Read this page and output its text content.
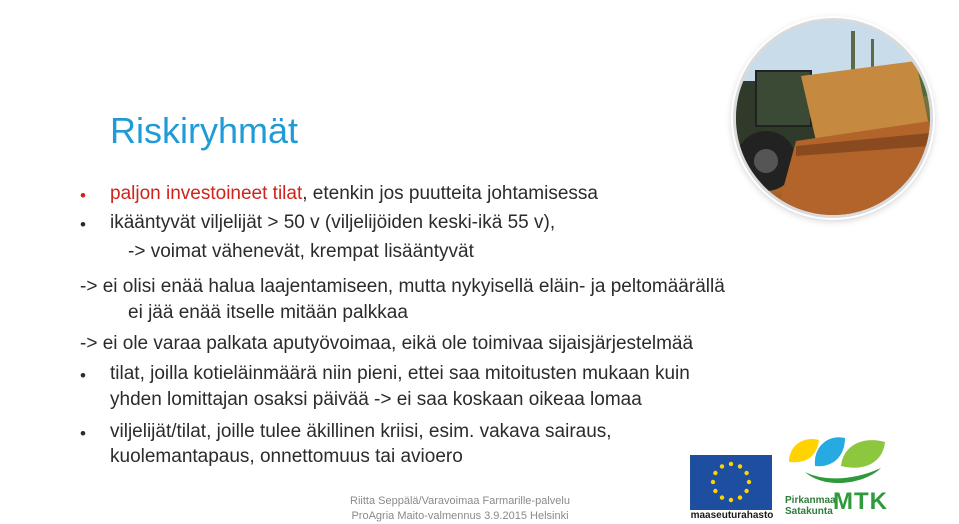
Riskiryhmät
• paljon investoineet tilat, etenkin jos puutteita johtamisessa
• ikääntyvät viljelijät > 50 v (viljelijöiden keski-ikä 55 v),
-> voimat vähenevät, krempat lisääntyvät
-> ei olisi enää halua laajentamiseen, mutta nykyisellä eläin- ja peltomäärällä
ei jää enää itselle mitään palkkaa
-> ei ole varaa palkata aputyövoimaa, eikä ole toimivaa sijaisjärjestelmää
• tilat, joilla kotieläinmäärä niin pieni, ettei saa mitoitusten mukaan kuin
yhden lomittajan osaksi päivää -> ei saa koskaan oikeaa lomaa
• viljelijät/tilat, joille tulee äkillinen kriisi, esim. vakava sairaus,
kuolemantapaus, onnettomuus tai avioero
Riitta Seppälä/Varavoimaa Farmarille-palvelu
ProAgria Maito-valmennus 3.9.2015 Helsinki	maaseuturahasto
Pirkanmaa
Satakunta MTK
